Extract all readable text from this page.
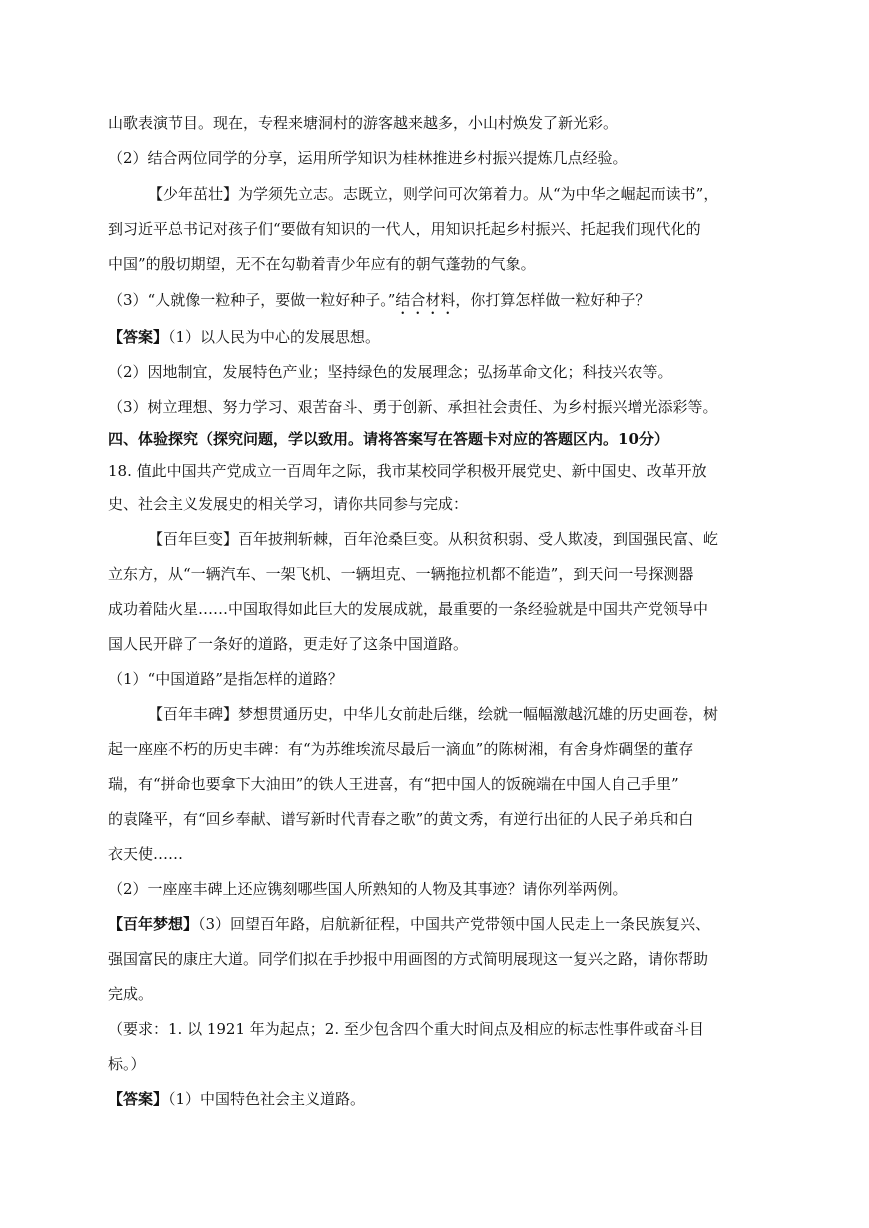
山歌表演节目。现在，专程来塘洞村的游客越来越多，小山村焕发了新光彩。
（2）结合两位同学的分享，运用所学知识为桂林推进乡村振兴提炼几点经验。
【少年茁壮】为学须先立志。志既立，则学问可次第着力。从“为中华之崛起而读书”，
到习近平总书记对孩子们“要做有知识的一代人，用知识托起乡村振兴、托起我们现代化的
中国”的殷切期望，无不在勾勒着青少年应有的朝气蓬勃的气象。
（3）“人就像一粒种子，要做一粒好种子。”结合材料，你打算怎样做一粒好种子？
【答案】（1）以人民为中心的发展思想。
（2）因地制宜，发展特色产业；坚持绿色的发展理念；弘扬革命文化；科技兴农等。
（3）树立理想、努力学习、艰苦奋斗、勇于创新、承担社会责任、为乡村振兴增光添彩等。
四、体验探究（探究问题，学以致用。请将答案写在答题卡对应的答题区内。10分）
18. 值此中国共产党成立一百周年之际，我市某校同学积极开展党史、新中国史、改革开放
史、社会主义发展史的相关学习，请你共同参与完成：
【百年巨变】百年披荆斩棘，百年沧桑巨变。从积贫积弱、受人欺凌，到国强民富、屹
立东方，从“一辆汽车、一架飞机、一辆坦克、一辆拖拉机都不能造”，到天问一号探测器
成功着陆火星……中国取得如此巨大的发展成就，最重要的一条经验就是中国共产党领导中
国人民开辟了一条好的道路，更走好了这条中国道路。
（1）“中国道路”是指怎样的道路？
【百年丰碑】梦想贯通历史，中华儿女前赴后继，绘就一幅幅激越沉雄的历史画卷，树
起一座座不朽的历史丰碑：有“为苏维埃流尽最后一滴血”的陈树湘，有舍身炸碉堡的董存
瑞，有“拼命也要拿下大油田”的铁人王进喜，有“把中国人的饭碗端在中国人自己手里”
的袁隆平，有“回乡奉献、谱写新时代青春之歌”的黄文秀，有逆行出征的人民子弟兵和白
衣天使……
（2）一座座丰碑上还应镌刻哪些国人所熟知的人物及其事迹？请你列举两例。
【百年梦想】（3）回望百年路，启航新征程，中国共产党带领中国人民走上一条民族复兴、
强国富民的康庄大道。同学们拟在手抄报中用画图的方式简明展现这一复兴之路，请你帮助
完成。
（要求：1. 以 1921 年为起点；2. 至少包含四个重大时间点及相应的标志性事件或奋斗目
标。）
【答案】（1）中国特色社会主义道路。
